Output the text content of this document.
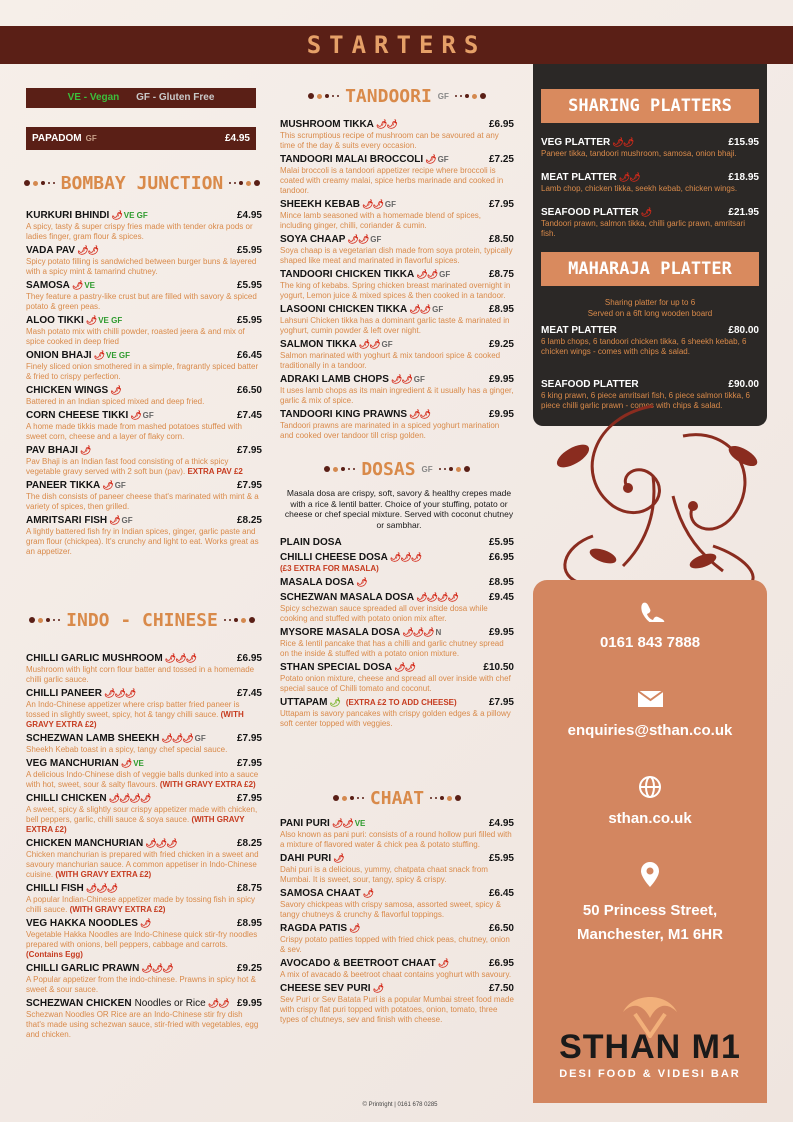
STARTERS
VE - Vegan GF - Gluten Free
PAPADOM GF	£4.95
BOMBAY JUNCTION
INDO - CHINESE
TANDOORI GF
DOSAS GF
Masala dosa are crispy, soft, savory & healthy crepes made with a rice & lentil batter. Choice of your stuffing, potato or cheese or chef special mixture. Served with coconut chutney or sambhar.
CHAAT
KURKURI BHINDI 🌶 VE GF	£4.95
A spicy, tasty & super crispy fries made with tender okra pods or ladies finger, gram flour & spices.
VADA PAV 🌶🌶	£5.95
Spicy potato filling is sandwiched between burger buns & layered with a spicy mint & tamarind chutney.
SAMOSA 🌶 VE	£5.95
They feature a pastry-like crust but are filled with savory & spiced potato & green peas.
ALOO TIKKI 🌶 VE GF	£5.95
Mash potato mix with chilli powder, roasted jeera & and mix of spice cooked in deep fried
ONION BHAJI 🌶 VE GF	£6.45
Finely sliced onion smothered in a simple, fragrantly spiced batter & fried to crispy perfection.
CHICKEN WINGS 🌶	£6.50
Battered in an Indian spiced mixed and deep fried.
CORN CHEESE TIKKI 🌶 GF	£7.45
A home made tikkis made from mashed potatoes stuffed with sweet corn, cheese and a layer of flaky corn.
PAV BHAJI 🌶	£7.95
Pav Bhaji is an Indian fast food consisting of a thick spicy vegetable gravy served with 2 soft bun (pav). EXTRA PAV £2
PANEER TIKKA 🌶 GF	£7.95
The dish consists of paneer cheese that's marinated with mint & a variety of spices, then grilled.
AMRITSARI FISH 🌶 GF	£8.25
A lightly battered fish fry in Indian spices, ginger, garlic paste and gram flour (chickpea). It's crunchy and light to eat. Works great as an appetizer.
CHILLI GARLIC MUSHROOM 🌶🌶🌶	£6.95
Mushroom with light corn flour batter and tossed in a homemade chilli garlic sauce.
CHILLI PANEER 🌶🌶🌶	£7.45
An Indo-Chinese appetizer where crisp batter fried paneer is tossed in slightly sweet, spicy, hot & tangy chilli sauce. (WITH GRAVY EXTRA £2)
SCHEZWAN LAMB SHEEKH 🌶🌶🌶 GF	£7.95
Sheekh Kebab toast in a spicy, tangy chef special sauce.
VEG MANCHURIAN 🌶 VE	£7.95
A delicious Indo-Chinese dish of veggie balls dunked into a sauce with hot, sweet, sour & salty flavours. (WITH GRAVY EXTRA £2)
CHILLI CHICKEN 🌶🌶🌶🌶	£7.95
A sweet, spicy & slightly sour crispy appetizer made with chicken, bell peppers, garlic, chilli sauce & soya sauce. (WITH GRAVY EXTRA £2)
CHICKEN MANCHURIAN 🌶🌶🌶	£8.25
Chicken manchurian is prepared with fried chicken in a sweet and savoury manchurian sauce. A common appetiser in Indo-Chinese cuisine. (WITH GRAVY EXTRA £2)
CHILLI FISH 🌶🌶🌶	£8.75
A popular Indian-Chinese appetizer made by tossing fish in spicy chilli sauce. (WITH GRAVY EXTRA £2)
VEG HAKKA NOODLES 🌶	£8.95
Vegetable Hakka Noodles are Indo-Chinese quick stir-fry noodles prepared with onions, bell peppers, cabbage and carrots. (Contains Egg)
CHILLI GARLIC PRAWN 🌶🌶🌶	£9.25
A Popular appetizer from the indo-chinese. Prawns in spicy hot & sweet & sour sauce.
SCHEZWAN CHICKEN Noodles or Rice 🌶🌶 £9.95
Schezwan Noodles OR Rice are an Indo-Chinese stir fry dish that's made using schezwan sauce, stir-fried with vegetables, egg and chicken.
MUSHROOM TIKKA 🌶🌶	£6.95
This scrumptious recipe of mushroom can be savoured at any time of the day & suits every occasion.
TANDOORI MALAI BROCCOLI 🌶 GF	£7.25
Malai broccoli is a tandoori appetizer recipe where broccoli is coated with creamy malai, spice herbs marinade and cooked in tandoor.
SHEEKH KEBAB 🌶🌶 GF	£7.95
Mince lamb seasoned with a homemade blend of spices, including ginger, chilli, coriander & cumin.
SOYA CHAAP 🌶🌶 GF	£8.50
Soya chaap is a vegetarian dish made from soya protein, typically shaped like meat and marinated in flavorful spices.
TANDOORI CHICKEN TIKKA 🌶🌶 GF	£8.75
The king of kebabs. Spring chicken breast marinated overnight in yogurt, Lemon juice & mixed spices & then cooked in a tandoor.
LASOONI CHICKEN TIKKA 🌶🌶 GF	£8.95
Lahsuni Chicken tikka has a dominant garlic taste & marinated in yoghurt, cumin powder & left over night.
SALMON TIKKA 🌶🌶 GF	£9.25
Salmon marinated with yoghurt & mix tandoori spice & cooked traditionally in a tandoor.
ADRAKI LAMB CHOPS 🌶🌶 GF	£9.95
It uses lamb chops as its main ingredient & it usually has a ginger, garlic & mix of spice.
TANDOORI KING PRAWNS 🌶🌶	£9.95
Tandoori prawns are marinated in a spiced yoghurt marination and cooked over tandoor till crisp golden.
PLAIN DOSA	£5.95
CHILLI CHEESE DOSA 🌶🌶🌶	£6.95
(£3 EXTRA FOR MASALA)
MASALA DOSA 🌶	£8.95
SCHEZWAN MASALA DOSA 🌶🌶🌶🌶	£9.45
Spicy schezwan sauce spreaded all over inside dosa while cooking and stuffed with potato onion mix after.
MYSORE MASALA DOSA 🌶🌶🌶 N	£9.95
Rice & lentil pancake that has a chilli and garlic chutney spread on the inside & stuffed with a potato onion mixture.
STHAN SPECIAL DOSA 🌶🌶	£10.50
Potato onion mixture, cheese and spread all over inside with chef special sauce of Chilli tomato and coconut.
UTTAPAM 🌶 (EXTRA £2 TO ADD CHEESE)	£7.95
Uttapam is savory pancakes with crispy golden edges & a pillowy soft center topped with veggies.
PANI PURI 🌶🌶 VE	£4.95
Also known as pani puri: consists of a round hollow puri filled with a mixture of flavored water & chick pea & potato stuffing.
DAHI PURI 🌶	£5.95
Dahi puri is a delicious, yummy, chatpata chaat snack from Mumbai. It is sweet, sour, tangy, spicy & crispy.
SAMOSA CHAAT 🌶	£6.45
Savory chickpeas with crispy samosa, assorted sweet, spicy & tangy chutneys & crunchy & flavorful toppings.
RAGDA PATIS 🌶	£6.50
Crispy potato patties topped with fried chick peas, chutney, onion & sev.
AVOCADO & BEETROOT CHAAT 🌶	£6.95
A mix of avacado & beetroot chaat contains yoghurt with savoury.
CHEESE SEV PURI 🌶	£7.50
Sev Puri or Sev Batata Puri is a popular Mumbai street food made with crispy flat puri topped with potatoes, onion, tomato, three types of chutneys, sev and finish with cheese.
SHARING PLATTERS
VEG PLATTER 🌶🌶	£15.95
Paneer tikka, tandoori mushroom, samosa, onion bhaji.
MEAT PLATTER 🌶🌶	£18.95
Lamb chop, chicken tikka, seekh kebab, chicken wings.
SEAFOOD PLATTER 🌶	£21.95
Tandoori prawn, salmon tikka, chilli garlic prawn, amritsari fish.
MAHARAJA PLATTER
Sharing platter for up to 6
Served on a 6ft long wooden board
MEAT PLATTER	£80.00
6 lamb chops, 6 tandoori chicken tikka, 6 sheekh kebab, 6 chicken wings - comes with chips & salad.
SEAFOOD PLATTER	£90.00
6 king prawn, 6 piece amritsari fish, 6 piece salmon tikka, 6 piece chilli garlic prawn - comes with chips & salad.
0161 843 7888
enquiries@sthan.co.uk
sthan.co.uk
50 Princess Street,
Manchester, M1 6HR
STHAN M1
DESI FOOD & VIDESI BAR
© Printright | 0161 678 0285
